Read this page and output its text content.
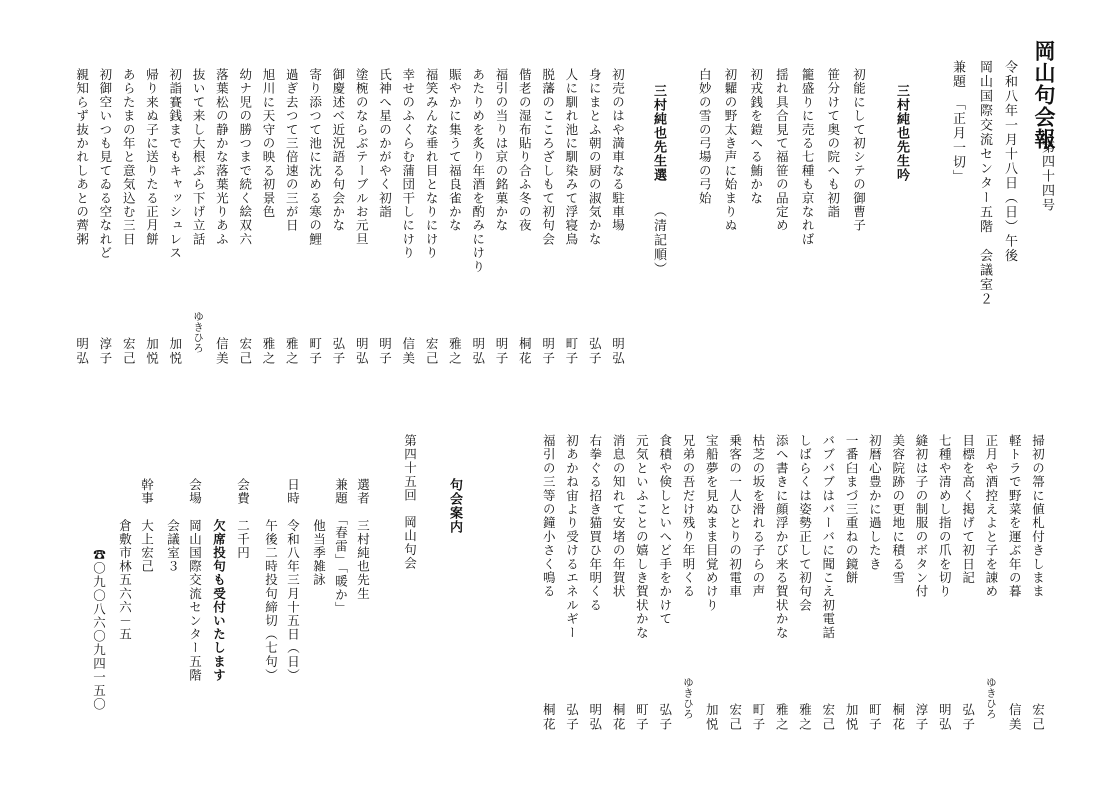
岡山句会報

第四十四号

令和八年一月十八日（日）午後

岡山国際交流センター五階　会議室２

兼題　「正月一切」

三村純也先生吟

初能にして初シテの御曹子

笹分けて奥の院へも初詣

籠盛りに売る七種も京なれば

揺れ具合見て福笹の品定め

初戎銭を鎧へる鮪かな

初糶の野太き声に始まりぬ

白妙の雪の弓場の弓始

三村純也先生選

（清記順）

初売のはや満車なる駐車場

明弘

身にまとふ朝の厨の淑気かな

弘子

人に馴れ池に馴染みて浮寝鳥

町子

脱藩のこころざしもて初句会

明子

偕老の湿布貼り合ふ冬の夜

桐花

福引の当りは京の銘菓かな

明子

あたりめを炙り年酒を酌みにけり

明弘

賑やかに集うて福良雀かな

雅之

福笑みんな垂れ目となりにけり

宏己

幸せのふくらむ蒲団干しにけり

信美

氏神へ星のかがやく初詣

明子

塗椀のならぶテーブルお元旦

明弘

御慶述べ近況語る句会かな

弘子

寄り添つて池に沈める寒の鯉

町子

過ぎ去つて三倍速の三が日

雅之

旭川に天守の映る初景色

雅之

幼ナ児の勝つまで続く絵双六

宏己

落葉松の静かな落葉光りあふ

信美

抜いて来し大根ぶら下げ立話

ゆきひろ

初詣賽銭までもキャッシュレス

加悦

帰り来ぬ子に送りたる正月餅

加悦

あらたまの年と意気込む三日

宏己

初御空いつも見てゐる空なれど

淳子

親知らず抜かれしあとの薺粥

明弘

掃初の箒に値札付きしまま

宏己

軽トラで野菜を運ぶ年の暮

信美

正月や酒控えよと子を諌め

ゆきひろ

目標を高く掲げて初日記

弘子

七種や清めし指の爪を切り

明弘

縫初は子の制服のボタン付

淳子

美容院跡の更地に積る雪

桐花

初暦心豊かに過したき

町子

一番臼まづ三重ねの鏡餅

加悦

バブバブはバーバに聞こえ初電話

宏己

しばらくは姿勢正して初句会

雅之

添へ書きに顔浮かび来る賀状かな

雅之

枯芝の坂を滑れる子らの声

町子

乗客の一人ひとりの初電車

宏己

宝船夢を見ぬまま目覚めけり

加悦

兄弟の吾だけ残り年明くる

ゆきひろ

食積や倹しといへど手をかけて

弘子

元気といふことの嬉しき賀状かな

町子

消息の知れて安堵の年賀状

桐花

右拳ぐる招き猫買ひ年明くる

明弘

初あかね宙より受けるエネルギー

弘子

福引の三等の鐘小さく鳴る

桐花

句会案内

第四十五回　岡山句会

選者　三村純也先生

兼題　「春雷」「暖か」

　　　他当季雑詠

日時　令和八年三月十五日（日）

　　　午後二時投句締切（七句）

会費　二千円

　　　欠席投句も受付いたします

会場　岡山国際交流センター五階

　　　会議室３

幹事　大上宏己

　　　倉敷市林五六六－五

☎〇九〇八六〇九四一五〇
